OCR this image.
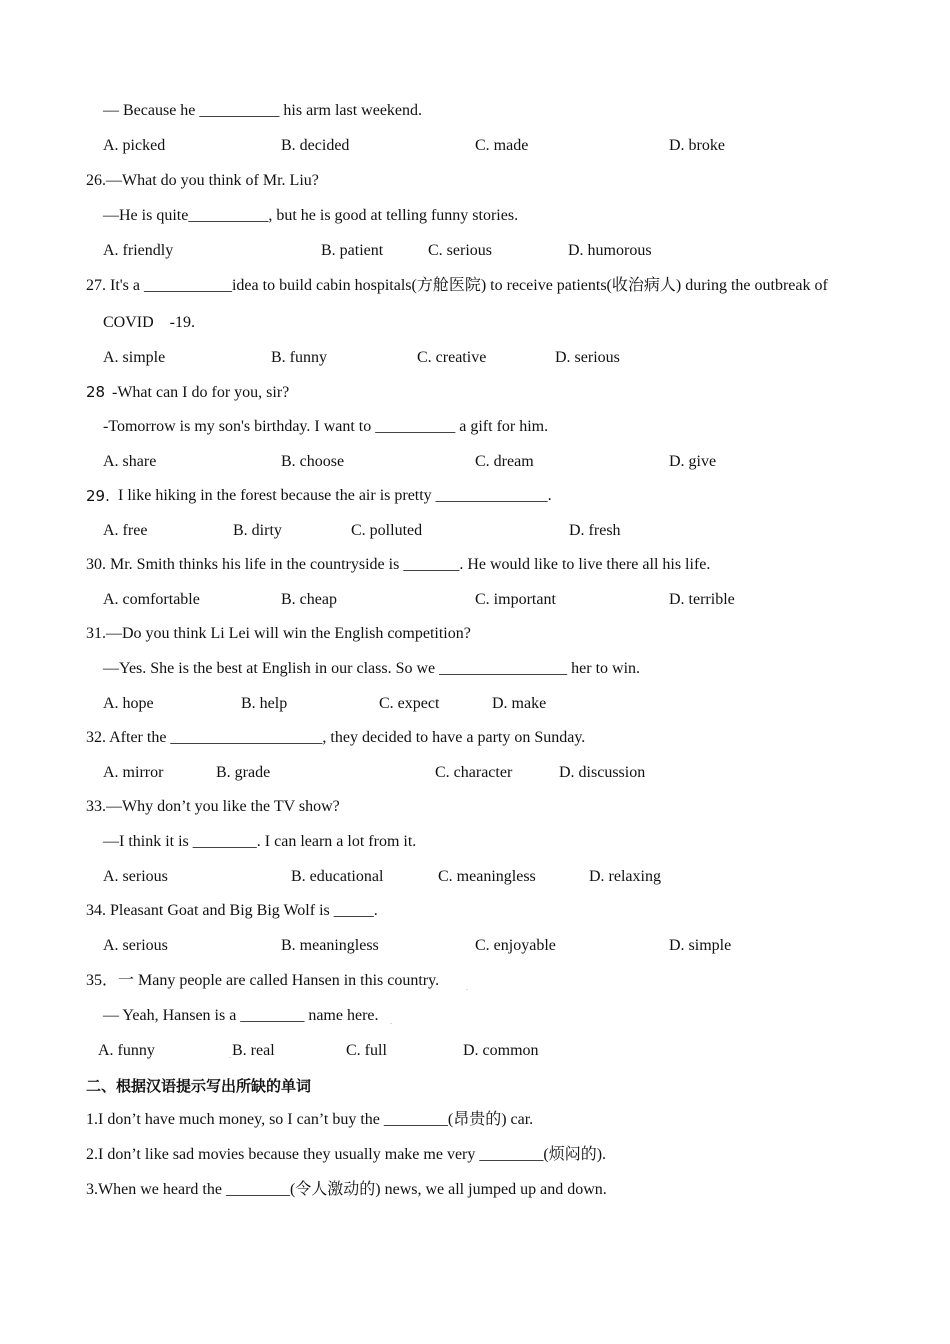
— Because he __________ his arm last weekend.
A. picked	B. decided	C. made	D. broke
26.—What do you think of Mr. Liu?
—He is quite__________, but he is good at telling funny stories.
A. friendly	B. patient	C. serious	D. humorous
27. It's a ___________idea to build cabin hospitals(方舱医院) to receive patients(收治病人) during the outbreak of
COVID    -19.
A. simple	B. funny	C. creative	D. serious
28 -What can I do for you, sir?
-Tomorrow is my son's birthday. I want to __________ a gift for him.
A. share	B. choose	C. dream	D. give
29. I like hiking in the forest because the air is pretty ______________.
A. free	B. dirty	C. polluted	D. fresh
30. Mr. Smith thinks his life in the countryside is _______. He would like to live there all his life.
A. comfortable	B. cheap	C. important	D. terrible
31.—Do you think Li Lei will win the English competition?
—Yes. She is the best at English in our class. So we ________________ her to win.
A. hope	B. help	C. expect	D. make
32. After the ___________________, they decided to have a party on Sunday.
A. mirror	B. grade	C. character	D. discussion
33.—Why don’t you like the TV show?
—I think it is ________. I can learn a lot from it.
A. serious	B. educational	C. meaningless	D. relaxing
34. Pleasant Goat and Big Big Wolf is _____.
A. serious	B. meaningless	C. enjoyable	D. simple
35．一 Many people are called Hansen in this country.	.
— Yeah, Hansen is a ________ name here. .
A. funny	. B. real	C. full	D. common
二、根据汉语提示写出所缺的单词
1.I don’t have much money, so I can’t buy the ________(昂贵的) car.
2.I don’t like sad movies because they usually make me very ________(烦闷的).
3.When we heard the ________(令人激动的) news, we all jumped up and down.
